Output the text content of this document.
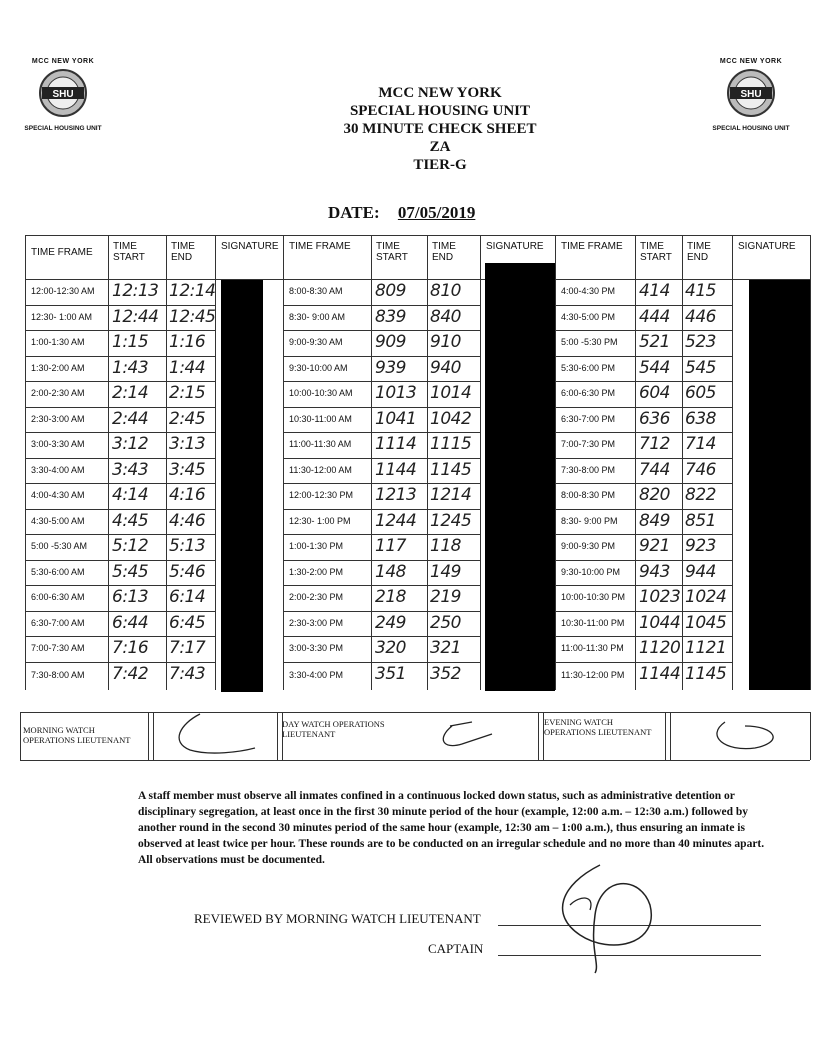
MCC NEW YORK
SHU
SPECIAL HOUSING UNIT
MCC NEW YORK
SHU
SPECIAL HOUSING UNIT
MCC NEW YORK
SPECIAL HOUSING UNIT
30 MINUTE CHECK SHEET
ZA
TIER-G
DATE: 07/05/2019
TIME FRAME
TIME START
TIME END
SIGNATURE
12:00-12:30 AM 12:13 12:14
12:30- 1:00 AM 12:44 12:45
1:00-1:30 AM 1:15 1:16
1:30-2:00 AM 1:43 1:44
2:00-2:30 AM 2:14 2:15
2:30-3:00 AM 2:44 2:45
3:00-3:30 AM 3:12 3:13
3:30-4:00 AM 3:43 3:45
4:00-4:30 AM 4:14 4:16
4:30-5:00 AM 4:45 4:46
5:00 -5:30 AM 5:12 5:13
5:30-6:00 AM 5:45 5:46
6:00-6:30 AM 6:13 6:14
6:30-7:00 AM 6:44 6:45
7:00-7:30 AM 7:16 7:17
7:30-8:00 AM 7:42 7:43
TIME FRAME	TIME START
TIME END
SIGNATURE
8:00-8:30 AM 809 810
8:30- 9:00 AM 839 840
9:00-9:30 AM 909 910
9:30-10:00 AM 939 940
10:00-10:30 AM 1013 1014
10:30-11:00 AM 1041 1042
11:00-11:30 AM 1114 1115
11:30-12:00 AM 1144 1145
12:00-12:30 PM 1213 1214
12:30- 1:00 PM 1244 1245
1:00-1:30 PM 117 118
1:30-2:00 PM 148 149
2:00-2:30 PM 218 219
2:30-3:00 PM 249 250
3:00-3:30 PM 320 321
3:30-4:00 PM 351 352
TIME FRAME	TIME START
TIME END
SIGNATURE
4:00-4:30 PM 414 415
4:30-5:00 PM 444 446
5:00 -5:30 PM 521 523
5:30-6:00 PM 544 545
6:00-6:30 PM 604 605
6:30-7:00 PM 636 638
7:00-7:30 PM 712 714
7:30-8:00 PM 744 746
8:00-8:30 PM 820 822
8:30- 9:00 PM 849 851
9:00-9:30 PM 921 923
9:30-10:00 PM 943 944
10:00-10:30 PM 1023 1024
10:30-11:00 PM 1044 1045
11:00-11:30 PM 1120 1121
11:30-12:00 PM 1144 1145
MORNING WATCH OPERATIONS LIEUTENANT
DAY WATCH OPERATIONS LIEUTENANT
EVENING WATCH OPERATIONS LIEUTENANT
A staff member must observe all inmates confined in a continuous locked down status, such as administrative detention or disciplinary segregation, at least once in the first 30 minute period of the hour (example, 12:00 a.m. – 12:30 a.m.) followed by another round in the second 30 minutes period of the same hour (example, 12:30 am – 1:00 a.m.), thus ensuring an inmate is observed at least twice per hour. These rounds are to be conducted on an irregular schedule and no more than 40 minutes apart. All observations must be documented.
REVIEWED BY MORNING WATCH LIEUTENANT
CAPTAIN
